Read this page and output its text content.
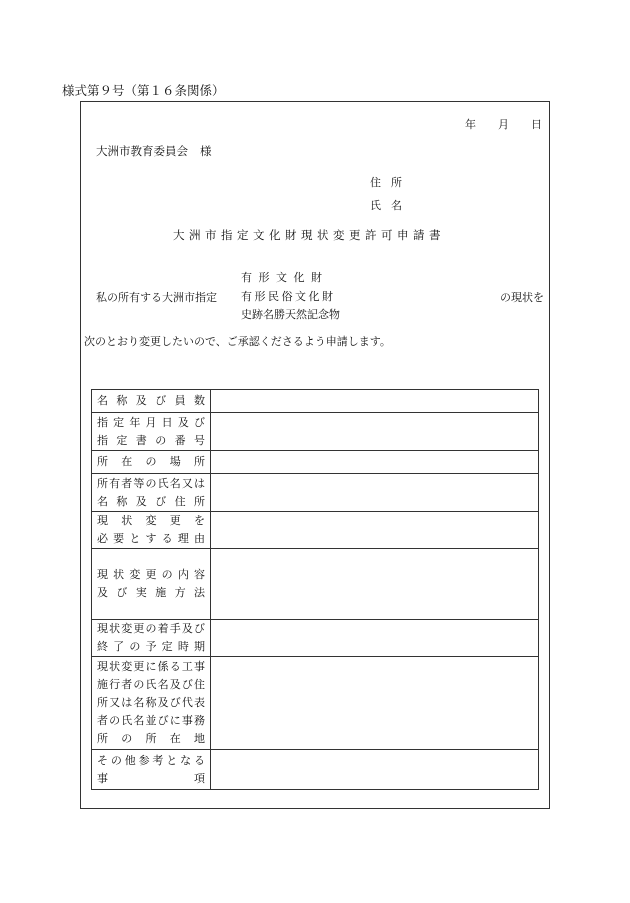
様式第９号（第１６条関係）
年 月 日
大洲市教育委員会 様
住所
氏名
大洲市指定文化財現状変更許可申請書
有形文化財
有形民俗文化財
史跡名勝天然記念物
私の所有する大洲市指定	の現状を
次のとおり変更したいので、ご承認くださるよう申請します。
名称及び員数	

指定年月日及び
指定書の番号	

所在の場所	

所有者等の氏名又は
名称及び住所	

現状変更を
必要とする理由	

現状変更の内容
及び実施方法	

現状変更の着手及び
終了の予定時期	

現状変更に係る工事
施行者の氏名及び住
所又は名称及び代表
者の氏名並びに事務
所の所在地	

その他参考となる
事項	
